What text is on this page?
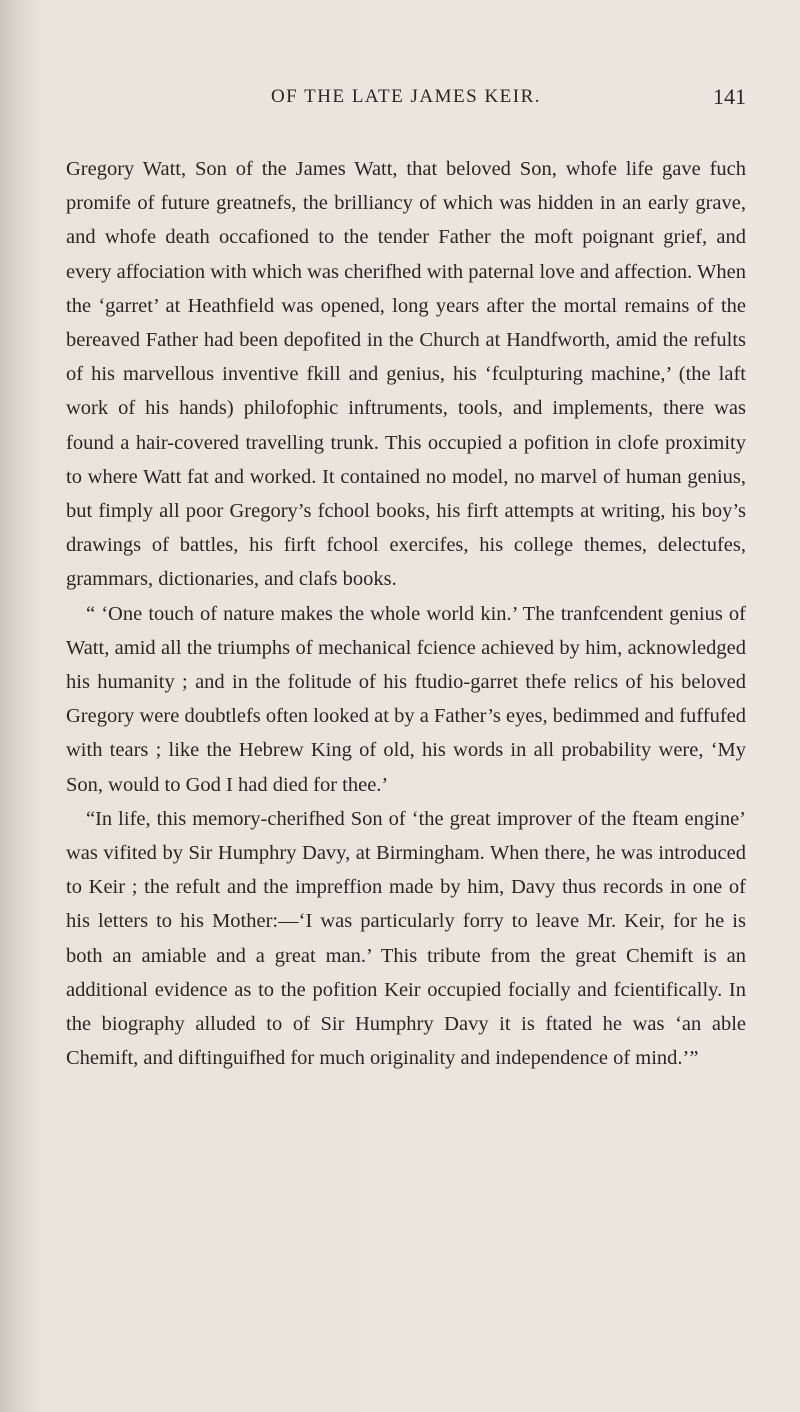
OF THE LATE JAMES KEIR.	141

Gregory Watt, Son of the James Watt, that beloved Son, whofe life gave fuch promife of future greatnefs, the brilliancy of which was hidden in an early grave, and whofe death occafioned to the tender Father the moft poignant grief, and every affociation with which was cherifhed with paternal love and affection. When the ‘garret’ at Heathfield was opened, long years after the mortal remains of the bereaved Father had been depofited in the Church at Handfworth, amid the refults of his marvellous inventive fkill and genius, his ‘fculpturing machine,’ (the laft work of his hands) philofophic inftruments, tools, and implements, there was found a hair-covered travelling trunk. This occupied a pofition in clofe proximity to where Watt fat and worked. It contained no model, no marvel of human genius, but fimply all poor Gregory’s fchool books, his firft attempts at writing, his boy’s drawings of battles, his firft fchool exercifes, his college themes, delectufes, grammars, dictionaries, and clafs books.

“ ‘One touch of nature makes the whole world kin.’ The tranfcendent genius of Watt, amid all the triumphs of mechanical fcience achieved by him, acknowledged his humanity ; and in the folitude of his ftudio-garret thefe relics of his beloved Gregory were doubtlefs often looked at by a Father’s eyes, bedimmed and fuffufed with tears ; like the Hebrew King of old, his words in all probability were, ‘My Son, would to God I had died for thee.’

“In life, this memory-cherifhed Son of ‘the great improver of the fteam engine’ was vifited by Sir Humphry Davy, at Birmingham. When there, he was introduced to Keir ; the refult and the impreffion made by him, Davy thus records in one of his letters to his Mother:—‘I was particularly forry to leave Mr. Keir, for he is both an amiable and a great man.’ This tribute from the great Chemift is an additional evidence as to the pofition Keir occupied focially and fcientifically. In the biography alluded to of Sir Humphry Davy it is ftated he was ‘an able Chemift, and diftinguifhed for much originality and independence of mind.’”
